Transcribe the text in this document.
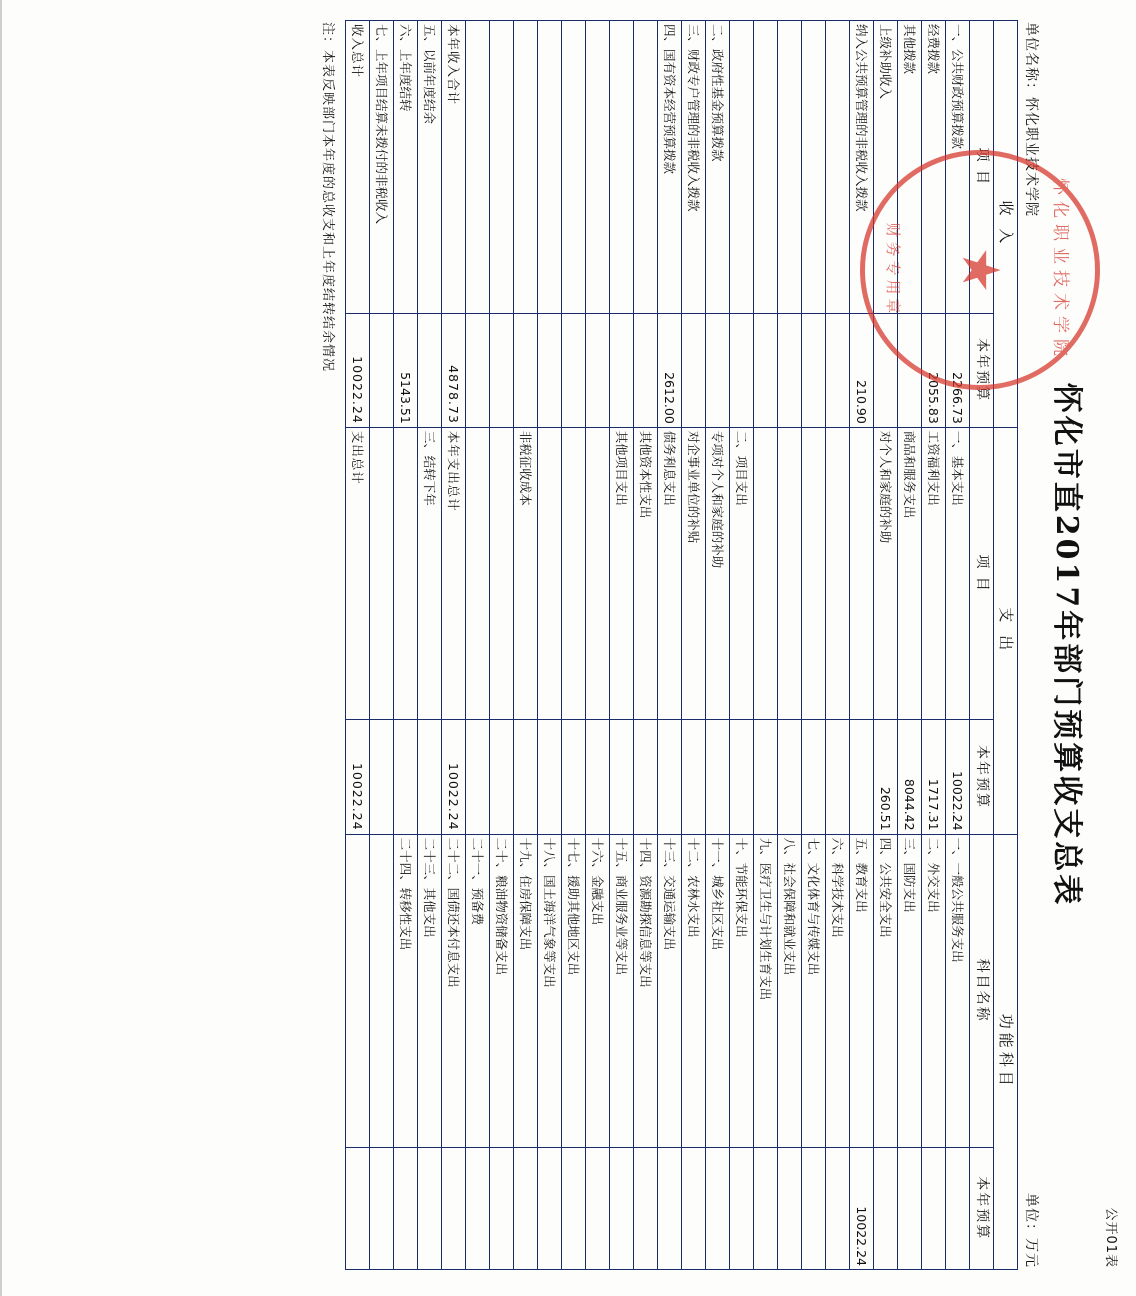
公开01表
怀化市直2017年部门预算收支总表
单位名称：怀化职业技术学院
单位：万元
收 入		支 出		功能科目	
项 目	本年预算	项 目	本年预算	科目名称	本年预算
一、公共财政预算拨款	2266.73	一、基本支出	10022.24	一、一般公共服务支出	
经费拨款	2055.83	工资福利支出	1717.31	二、外交支出	
其他拨款		商品和服务支出	8044.42	三、国防支出	
上级补助收入		对个人和家庭的补助	260.51	四、公共安全支出	
纳入公共预算管理的非税收入拨款	210.90			五、教育支出	10022.24
				六、科学技术支出	
				七、文化体育与传媒支出	
				八、社会保障和就业支出	
				九、医疗卫生与计划生育支出	
		二、项目支出		十、节能环保支出	
二、政府性基金预算拨款		专项对个人和家庭的补助		十一、城乡社区支出	
三、财政专户管理的非税收入拨款		对企事业单位的补贴		十二、农林水支出	
四、国有资本经营预算拨款	2612.00	债务利息支出		十三、交通运输支出	
		其他资本性支出		十四、资源勘探信息等支出	
		其他项目支出		十五、商业服务业等支出	
				十六、金融支出	
				十七、援助其他地区支出	
				十八、国土海洋气象等支出	
		非税征收成本		十九、住房保障支出	
				二十、粮油物资储备支出	
				二十一、预备费	
本年收入合计	4878.73	本年支出总计	10022.24	二十二、国债还本付息支出	
五、以前年度结余		三、结转下年		二十三、其他支出	
六、上年度结转	5143.51			二十四、转移性支出	
七、上年项目结算未拨付的非税收入					
收入总计	10022.24	支出总计	10022.24		
注：本表反映部门本年度的总收支和上年度结转结余情况	怀化职业技术学院
★
财务专用章
